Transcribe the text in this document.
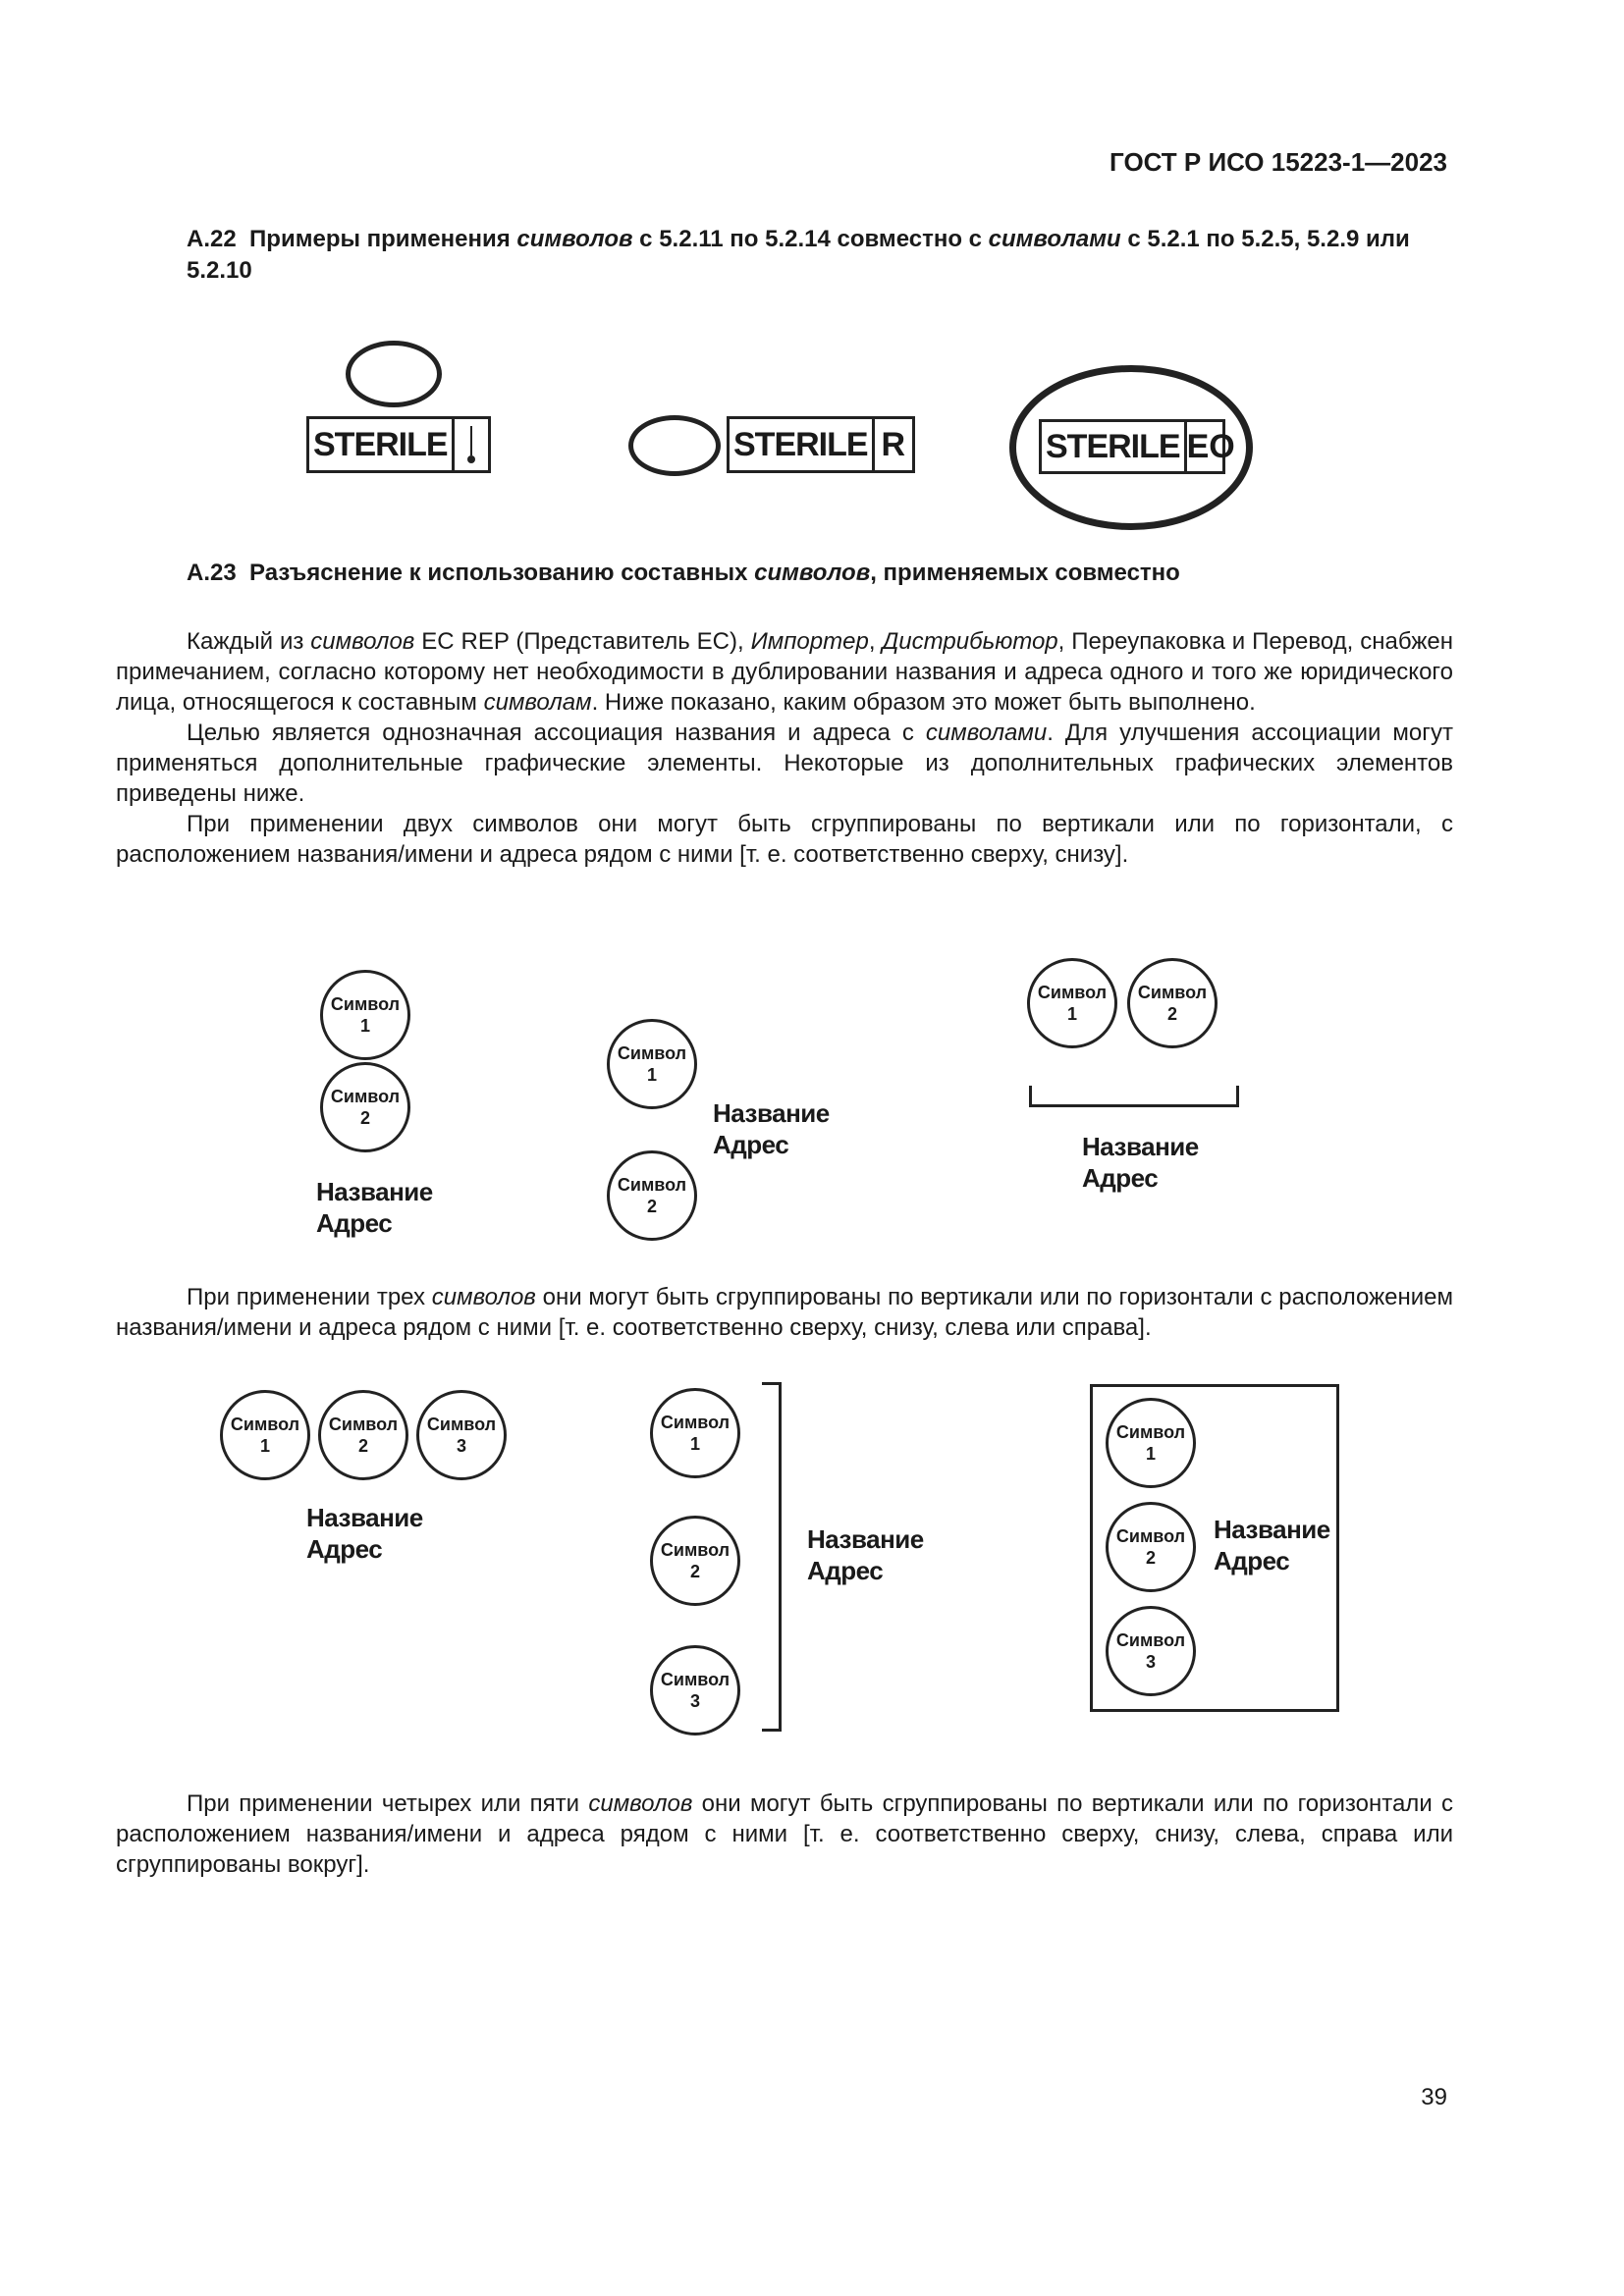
ГОСТ Р ИСО 15223-1—2023
А.22 Примеры применения символов с 5.2.11 по 5.2.14 совместно с символами с 5.2.1 по 5.2.5, 5.2.9 или 5.2.10
STERILE	STERILE R	STERILE EO
А.23 Разъяснение к использованию составных символов, применяемых совместно

Каждый из символов EC REP (Представитель ЕС), Импортер, Дистрибьютор, Переупаковка и Перевод, снабжен примечанием, согласно которому нет необходимости в дублировании названия и адреса одного и того же юридического лица, относящегося к составным символам. Ниже показано, каким образом это может быть выполнено.

Целью является однозначная ассоциация названия и адреса с символами. Для улучшения ассоциации могут применяться дополнительные графические элементы. Некоторые из дополнительных графических элементов приведены ниже.

При применении двух символов они могут быть сгруппированы по вертикали или по горизонтали, с расположением названия/имени и адреса рядом с ними [т. е. соответственно сверху, снизу].

Символ
1
Символ
2
Название
Адрес
Символ
1
Символ
2
Название
Адрес
Символ
1
Символ
2
Название
Адрес

При применении трех символов они могут быть сгруппированы по вертикали или по горизонтали с расположением названия/имени и адреса рядом с ними [т. е. соответственно сверху, снизу, слева или справа].

Символ
1
Символ
2
Символ
3
Название
Адрес
Символ
1
Символ
2
Символ
3
Название
Адрес
Символ
1
Символ
2
Символ
3
Название
Адрес

При применении четырех или пяти символов они могут быть сгруппированы по вертикали или по горизонтали с расположением названия/имени и адреса рядом с ними [т. е. соответственно сверху, снизу, слева, справа или сгруппированы вокруг].

39
